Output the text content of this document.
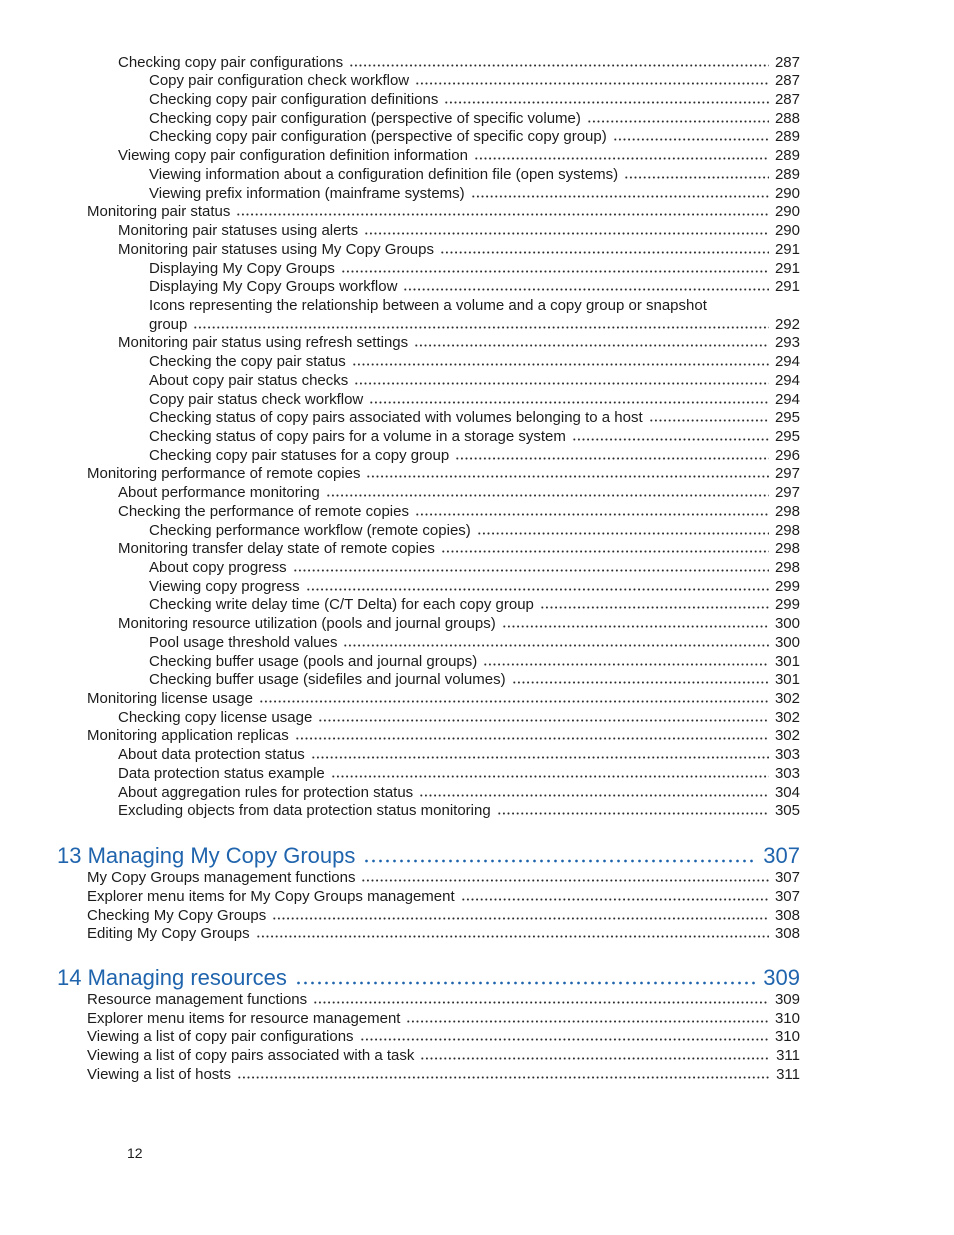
Checking copy pair configurations	287
Copy pair configuration check workflow	287
Checking copy pair configuration definitions	287
Checking copy pair configuration (perspective of specific volume)	288
Checking copy pair configuration (perspective of specific copy group)	289
Viewing copy pair configuration definition information	289
Viewing information about a configuration definition file (open systems)	289
Viewing prefix information (mainframe systems)	290
Monitoring pair status	290
Monitoring pair statuses using alerts	290
Monitoring pair statuses using My Copy Groups	291
Displaying My Copy Groups	291
Displaying My Copy Groups workflow	291
Icons representing the relationship between a volume and a copy group or snapshot
group	292
Monitoring pair status using refresh settings	293
Checking the copy pair status	294
About copy pair status checks	294
Copy pair status check workflow	294
Checking status of copy pairs associated with volumes belonging to a host	295
Checking status of copy pairs for a volume in a storage system	295
Checking copy pair statuses for a copy group	296
Monitoring performance of remote copies	297
About performance monitoring	297
Checking the performance of remote copies	298
Checking performance workflow (remote copies)	298
Monitoring transfer delay state of remote copies	298
About copy progress	298
Viewing copy progress	299
Checking write delay time (C/T Delta) for each copy group	299
Monitoring resource utilization (pools and journal groups)	300
Pool usage threshold values	300
Checking buffer usage (pools and journal groups)	301
Checking buffer usage (sidefiles and journal volumes)	301
Monitoring license usage	302
Checking copy license usage	302
Monitoring application replicas	302
About data protection status	303
Data protection status example	303
About aggregation rules for protection status	304
Excluding objects from data protection status monitoring	305
13 Managing My Copy Groups	307
My Copy Groups management functions	307
Explorer menu items for My Copy Groups management	307
Checking My Copy Groups	308
Editing My Copy Groups	308
14 Managing resources	309
Resource management functions	309
Explorer menu items for resource management	310
Viewing a list of copy pair configurations	310
Viewing a list of copy pairs associated with a task	311
Viewing a list of hosts	311
12
